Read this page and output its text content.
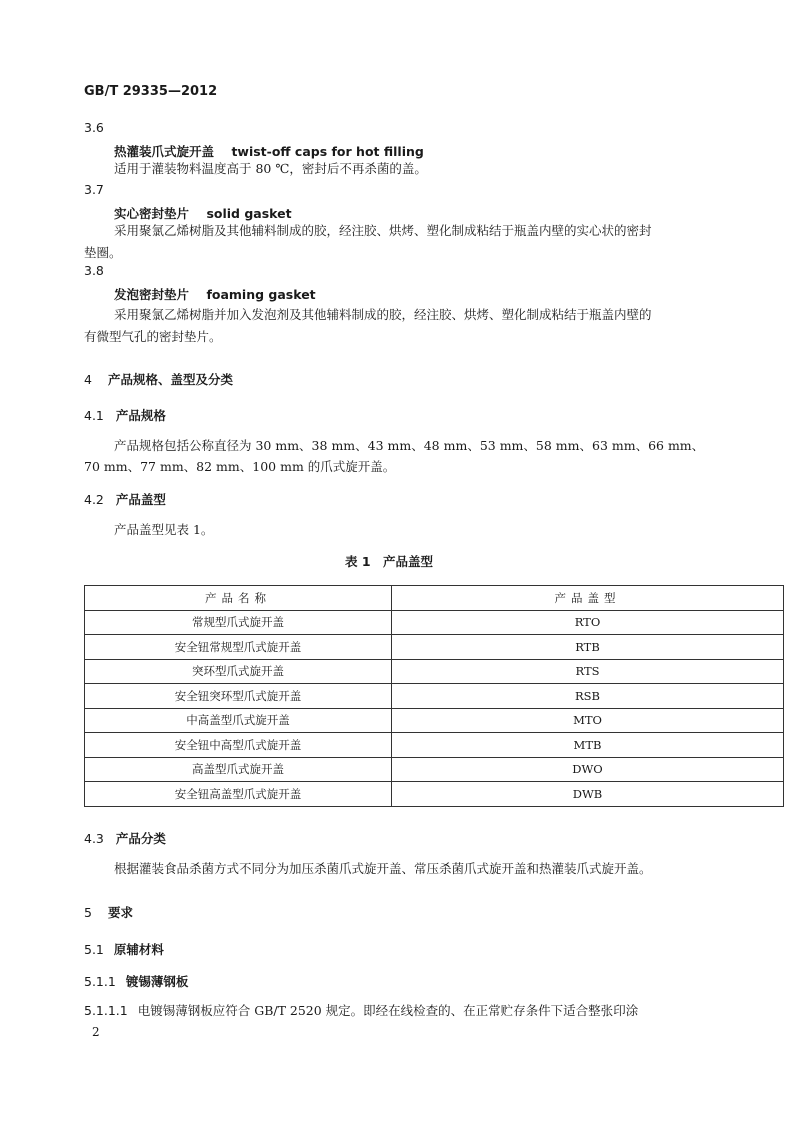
GB/T 29335—2012
3.6
热灌装爪式旋开盖 twist-off caps for hot filling
适用于灌装物料温度高于 80 ℃，密封后不再杀菌的盖。
3.7
实心密封垫片 solid gasket
采用聚氯乙烯树脂及其他辅料制成的胶，经注胶、烘烤、塑化制成粘结于瓶盖内壁的实心状的密封
垫圈。
3.8
发泡密封垫片 foaming gasket
采用聚氯乙烯树脂并加入发泡剂及其他辅料制成的胶，经注胶、烘烤、塑化制成粘结于瓶盖内壁的
有微型气孔的密封垫片。
4 产品规格、盖型及分类
4.1 产品规格
产品规格包括公称直径为 30 mm、38 mm、43 mm、48 mm、53 mm、58 mm、63 mm、66 mm、
70 mm、77 mm、82 mm、100 mm 的爪式旋开盖。
4.2 产品盖型
产品盖型见表 1。
表 1　产品盖型
产品名称	产品盖型
常规型爪式旋开盖	RTO
安全钮常规型爪式旋开盖	RTB
突环型爪式旋开盖	RTS
安全钮突环型爪式旋开盖	RSB
中高盖型爪式旋开盖	MTO
安全钮中高型爪式旋开盖	MTB
高盖型爪式旋开盖	DWO
安全钮高盖型爪式旋开盖	DWB
4.3 产品分类
根据灌装食品杀菌方式不同分为加压杀菌爪式旋开盖、常压杀菌爪式旋开盖和热灌装爪式旋开盖。
5 要求
5.1 原辅材料
5.1.1 镀锡薄钢板
5.1.1.1 电镀锡薄钢板应符合 GB/T 2520 规定。即经在线检查的、在正常贮存条件下适合整张印涂
2
